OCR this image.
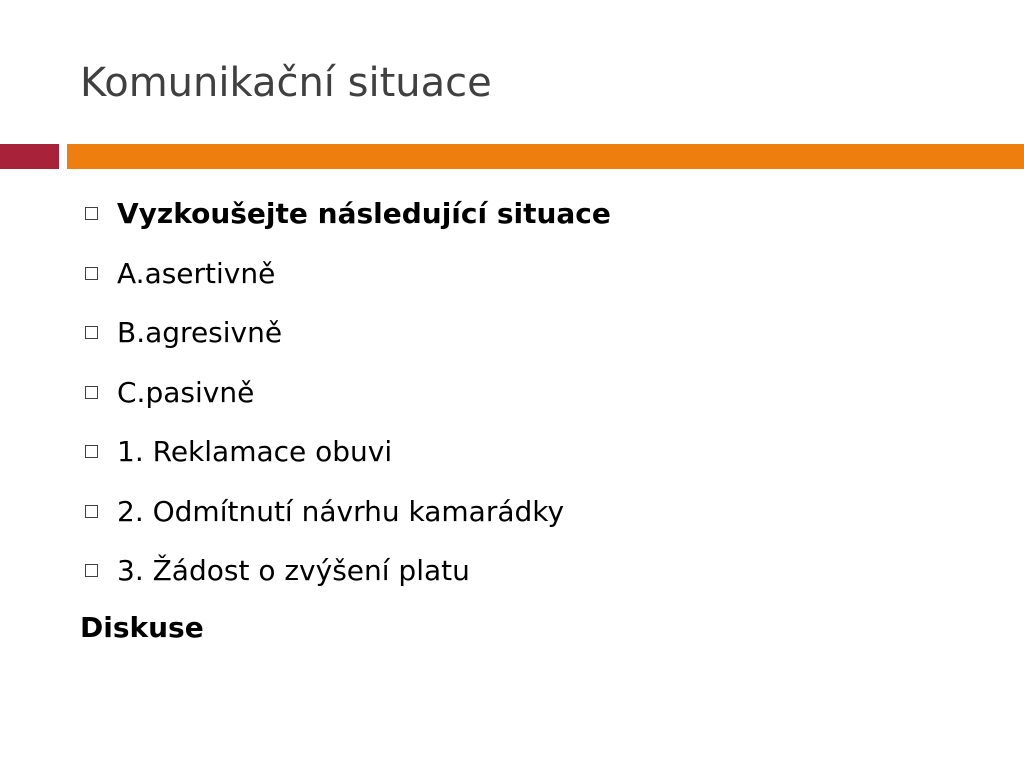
Komunikační situace
Vyzkoušejte následující situace
A.asertivně
B.agresivně
C.pasivně
1. Reklamace obuvi
2. Odmítnutí návrhu kamarádky
3. Žádost o zvýšení platu
Diskuse
